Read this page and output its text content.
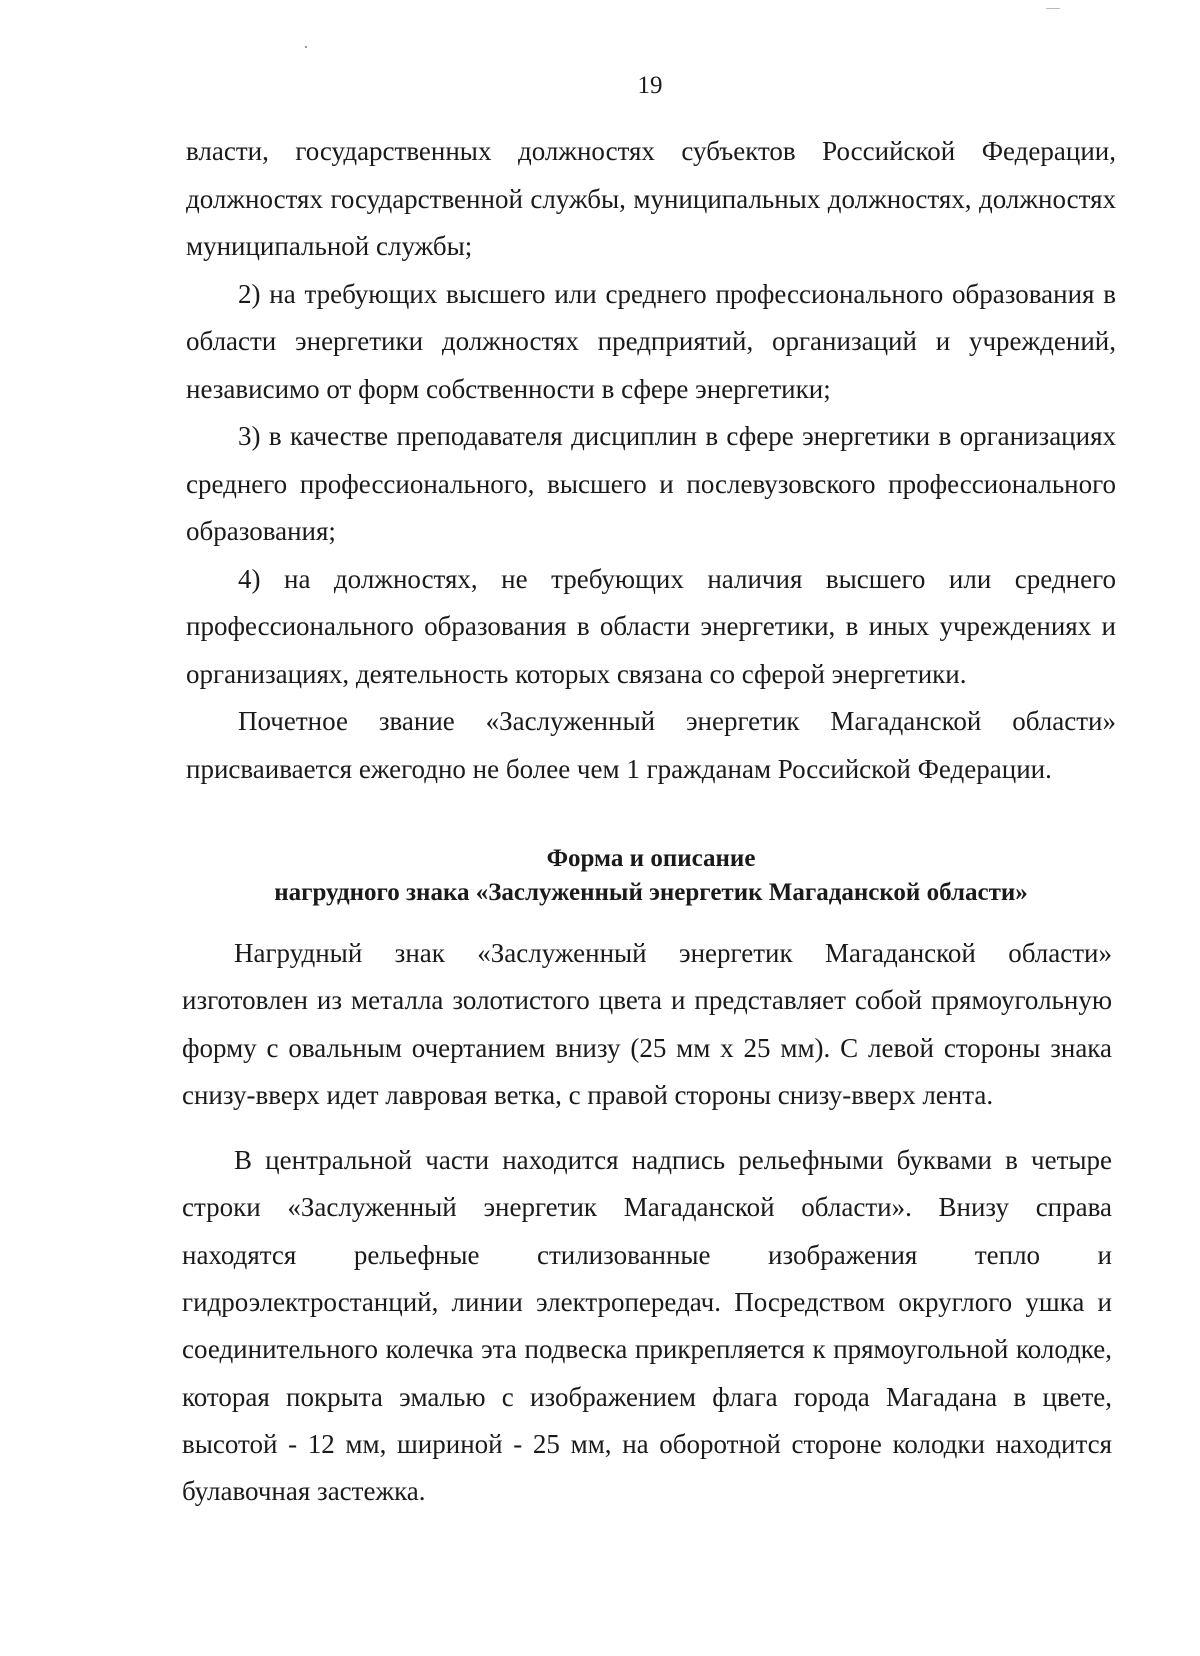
19

власти, государственных должностях субъектов Российской Федерации, должностях государственной службы, муниципальных должностях, должностях муниципальной службы;

2) на требующих высшего или среднего профессионального образования в области энергетики должностях предприятий, организаций и учреждений, независимо от форм собственности в сфере энергетики;

3) в качестве преподавателя дисциплин в сфере энергетики в организациях среднего профессионального, высшего и послевузовского профессионального образования;

4) на должностях, не требующих наличия высшего или среднего профессионального образования в области энергетики, в иных учреждениях и организациях, деятельность которых связана со сферой энергетики.

Почетное звание «Заслуженный энергетик Магаданской области» присваивается ежегодно не более чем 1 гражданам Российской Федерации.

Форма и описание
нагрудного знака «Заслуженный энергетик Магаданской области»

Нагрудный знак «Заслуженный энергетик Магаданской области» изготовлен из металла золотистого цвета и представляет собой прямоугольную форму с овальным очертанием внизу (25 мм х 25 мм). С левой стороны знака снизу-вверх идет лавровая ветка, с правой стороны снизу-вверх лента.

В центральной части находится надпись рельефными буквами в четыре строки «Заслуженный энергетик Магаданской области». Внизу справа находятся рельефные стилизованные изображения тепло и гидроэлектростанций, линии электропередач. Посредством округлого ушка и соединительного колечка эта подвеска прикрепляется к прямоугольной колодке, которая покрыта эмалью с изображением флага города Магадана в цвете, высотой - 12 мм, шириной - 25 мм, на оборотной стороне колодки находится булавочная застежка.
